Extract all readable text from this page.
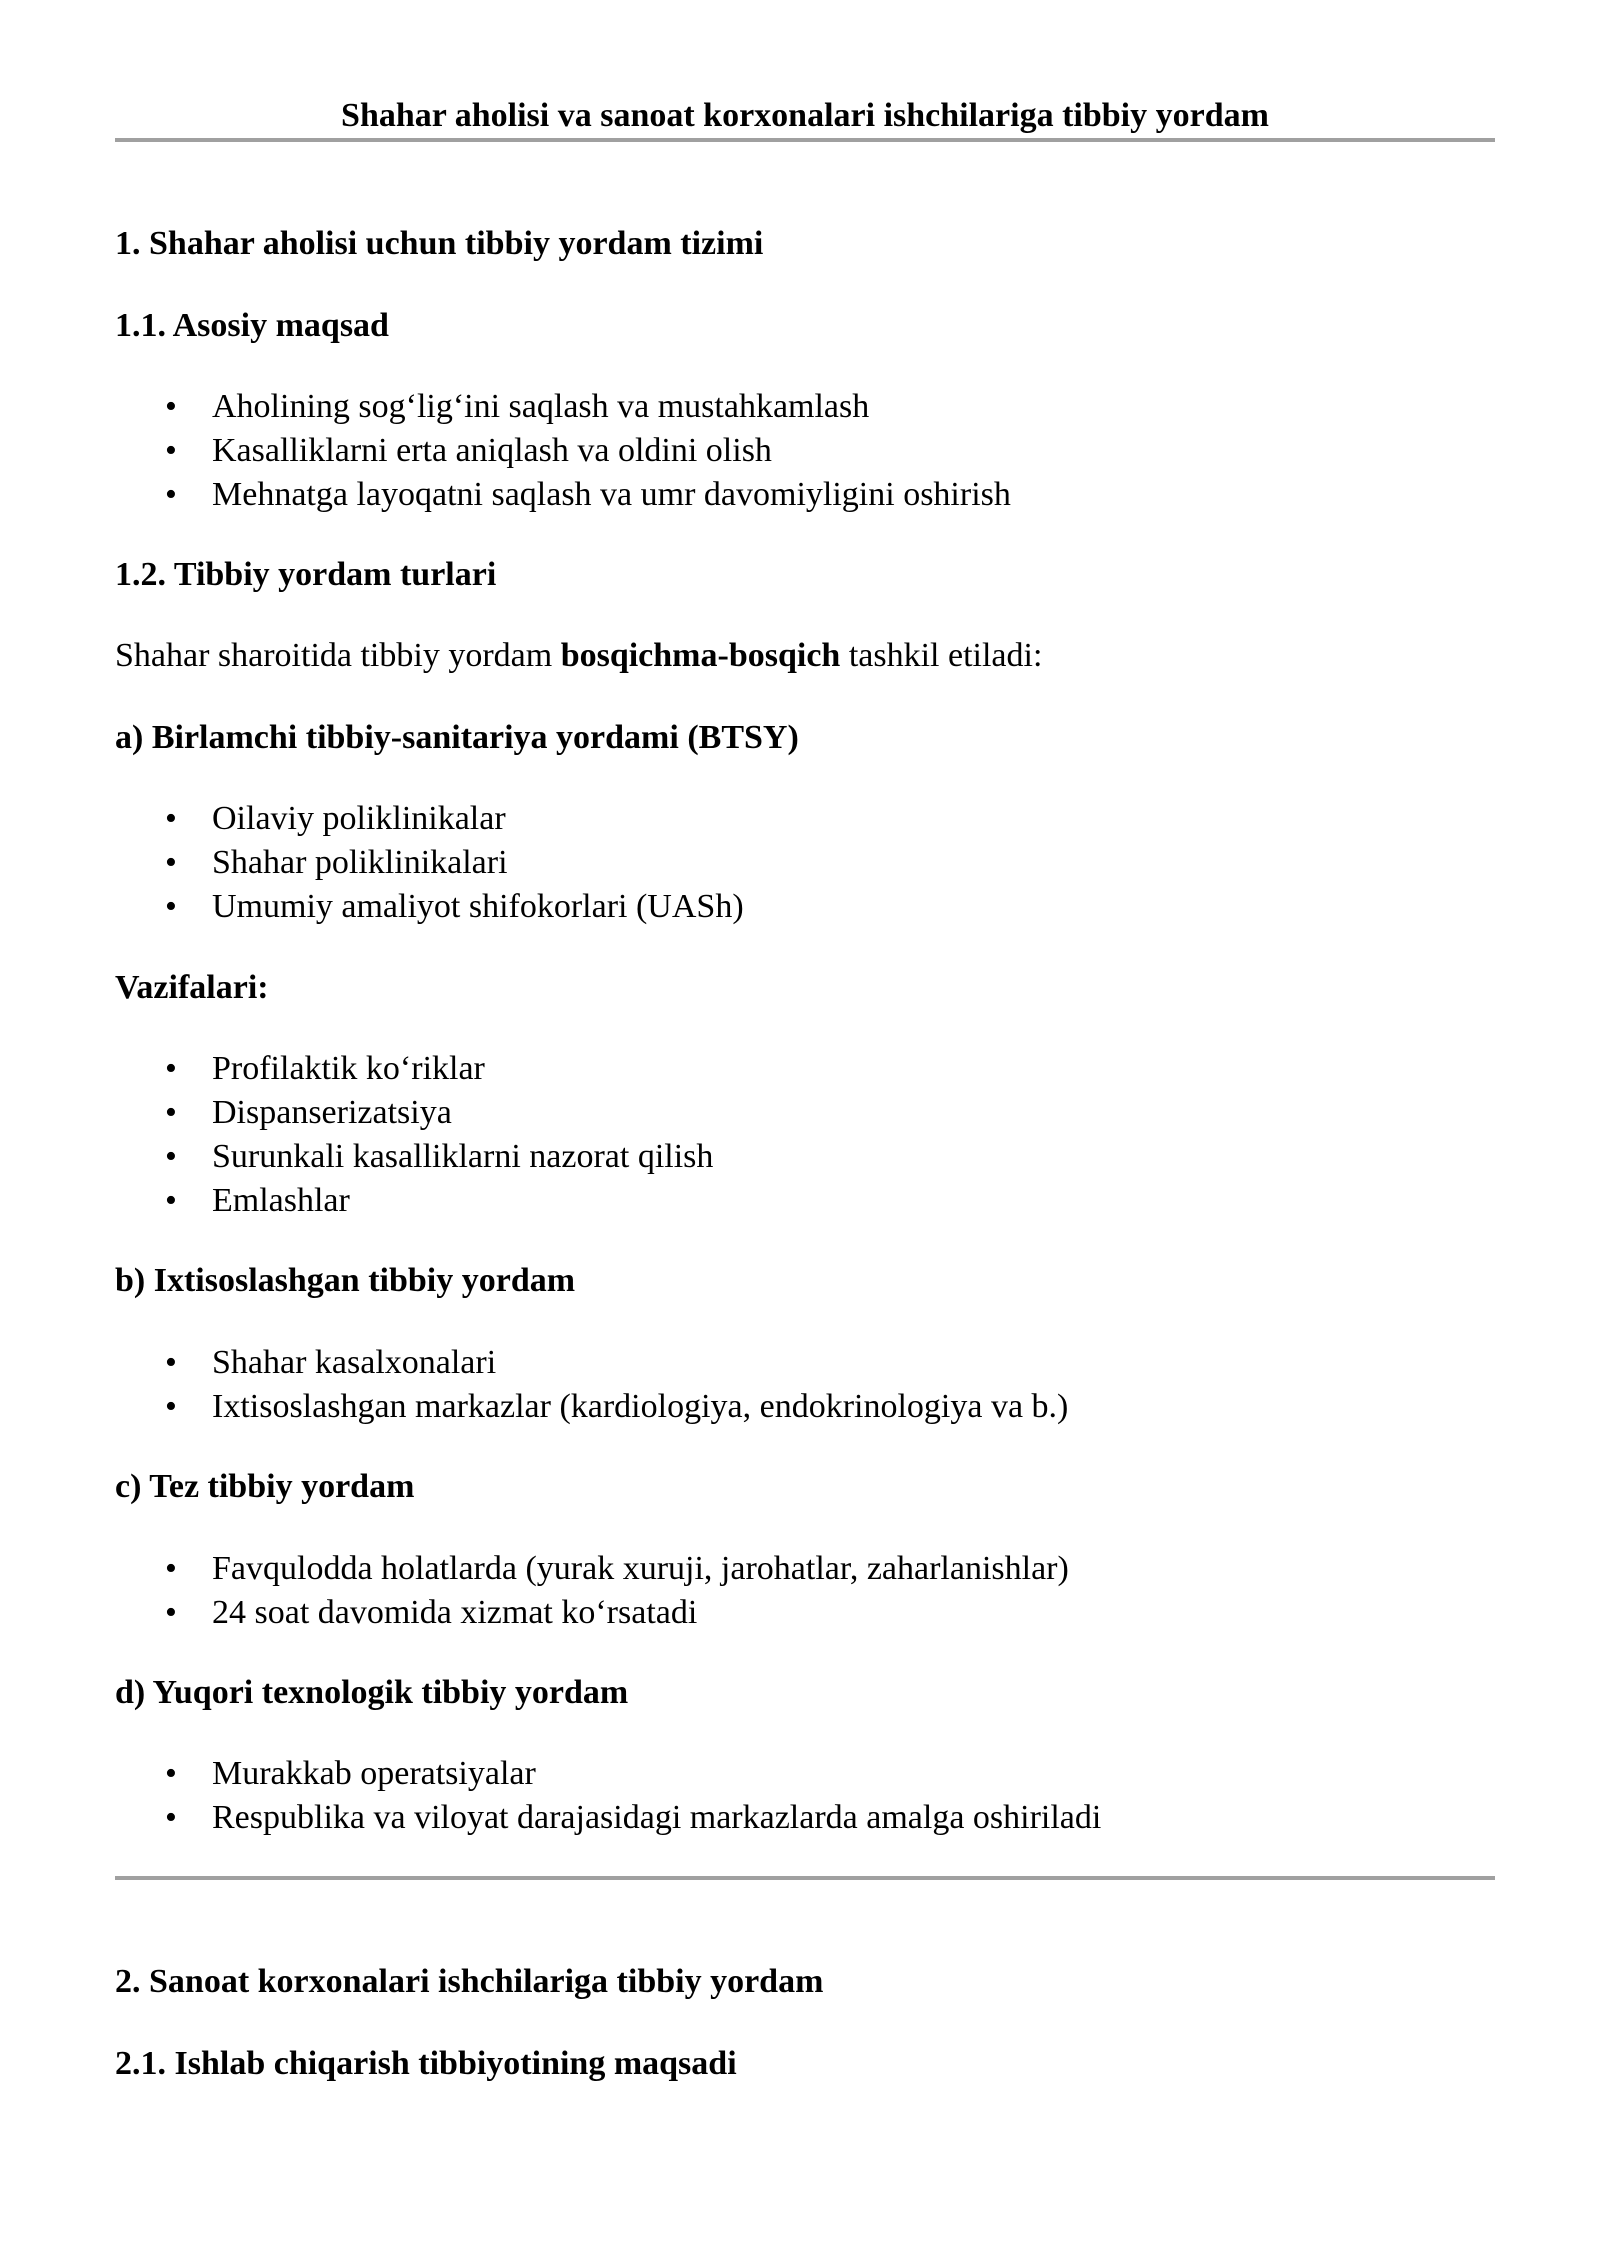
Shahar aholisi va sanoat korxonalari ishchilariga tibbiy yordam
1. Shahar aholisi uchun tibbiy yordam tizimi
1.1. Asosiy maqsad
• Aholining sog‘lig‘ini saqlash va mustahkamlash
• Kasalliklarni erta aniqlash va oldini olish
• Mehnatga layoqatni saqlash va umr davomiyligini oshirish
1.2. Tibbiy yordam turlari

Shahar sharoitida tibbiy yordam bosqichma-bosqich tashkil etiladi:

a) Birlamchi tibbiy-sanitariya yordami (BTSY)
• Oilaviy poliklinikalar
• Shahar poliklinikalari
• Umumiy amaliyot shifokorlari (UASh)
Vazifalari:
• Profilaktik ko‘riklar
• Dispanserizatsiya
• Surunkali kasalliklarni nazorat qilish
• Emlashlar
b) Ixtisoslashgan tibbiy yordam
• Shahar kasalxonalari
• Ixtisoslashgan markazlar (kardiologiya, endokrinologiya va b.)
c) Tez tibbiy yordam
• Favqulodda holatlarda (yurak xuruji, jarohatlar, zaharlanishlar)
• 24 soat davomida xizmat ko‘rsatadi
d) Yuqori texnologik tibbiy yordam
• Murakkab operatsiyalar
• Respublika va viloyat darajasidagi markazlarda amalga oshiriladi
2. Sanoat korxonalari ishchilariga tibbiy yordam
2.1. Ishlab chiqarish tibbiyotining maqsadi
